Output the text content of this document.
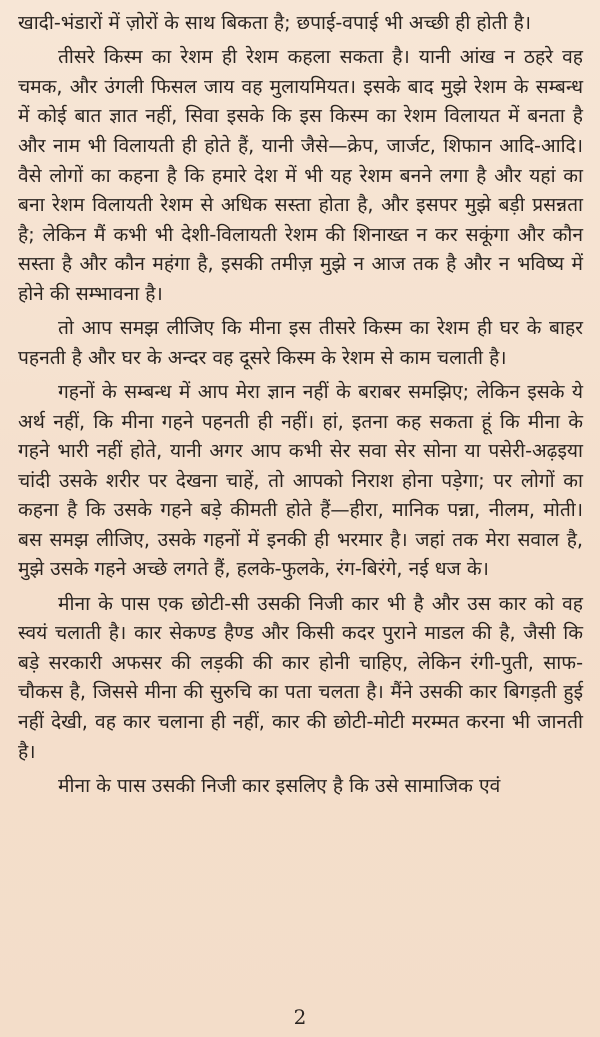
खादी-भंडारों में ज़ोरों के साथ बिकता है; छपाई-वपाई भी अच्छी ही होती है।

तीसरे किस्म का रेशम ही रेशम कहला सकता है। यानी आंख न ठहरे वह चमक, और उंगली फिसल जाय वह मुलायमियत। इसके बाद मुझे रेशम के सम्बन्ध में कोई बात ज्ञात नहीं, सिवा इसके कि इस किस्म का रेशम विलायत में बनता है और नाम भी विलायती ही होते हैं, यानी जैसे—क्रेप, जार्जट, शिफान आदि-आदि। वैसे लोगों का कहना है कि हमारे देश में भी यह रेशम बनने लगा है और यहां का बना रेशम विलायती रेशम से अधिक सस्ता होता है, और इसपर मुझे बड़ी प्रसन्नता है; लेकिन मैं कभी भी देशी-विलायती रेशम की शिनाख्त न कर सकूंगा और कौन सस्ता है और कौन महंगा है, इसकी तमीज़ मुझे न आज तक है और न भविष्य में होने की सम्भावना है।

तो आप समझ लीजिए कि मीना इस तीसरे किस्म का रेशम ही घर के बाहर पहनती है और घर के अन्दर वह दूसरे किस्म के रेशम से काम चलाती है।

गहनों के सम्बन्ध में आप मेरा ज्ञान नहीं के बराबर समझिए; लेकिन इसके ये अर्थ नहीं, कि मीना गहने पहनती ही नहीं। हां, इतना कह सकता हूं कि मीना के गहने भारी नहीं होते, यानी अगर आप कभी सेर सवा सेर सोना या पसेरी-अढ़इया चांदी उसके शरीर पर देखना चाहें, तो आपको निराश होना पड़ेगा; पर लोगों का कहना है कि उसके गहने बड़े कीमती होते हैं—हीरा, मानिक पन्ना, नीलम, मोती। बस समझ लीजिए, उसके गहनों में इनकी ही भरमार है। जहां तक मेरा सवाल है, मुझे उसके गहने अच्छे लगते हैं, हलके-फुलके, रंग-बिरंगे, नई धज के।

मीना के पास एक छोटी-सी उसकी निजी कार भी है और उस कार को वह स्वयं चलाती है। कार सेकण्ड हैण्ड और किसी कदर पुराने माडल की है, जैसी कि बड़े सरकारी अफसर की लड़की की कार होनी चाहिए, लेकिन रंगी-पुती, साफ-चौकस है, जिससे मीना की सुरुचि का पता चलता है। मैंने उसकी कार बिगड़ती हुई नहीं देखी, वह कार चलाना ही नहीं, कार की छोटी-मोटी मरम्मत करना भी जानती है।

मीना के पास उसकी निजी कार इसलिए है कि उसे सामाजिक एवं

2
